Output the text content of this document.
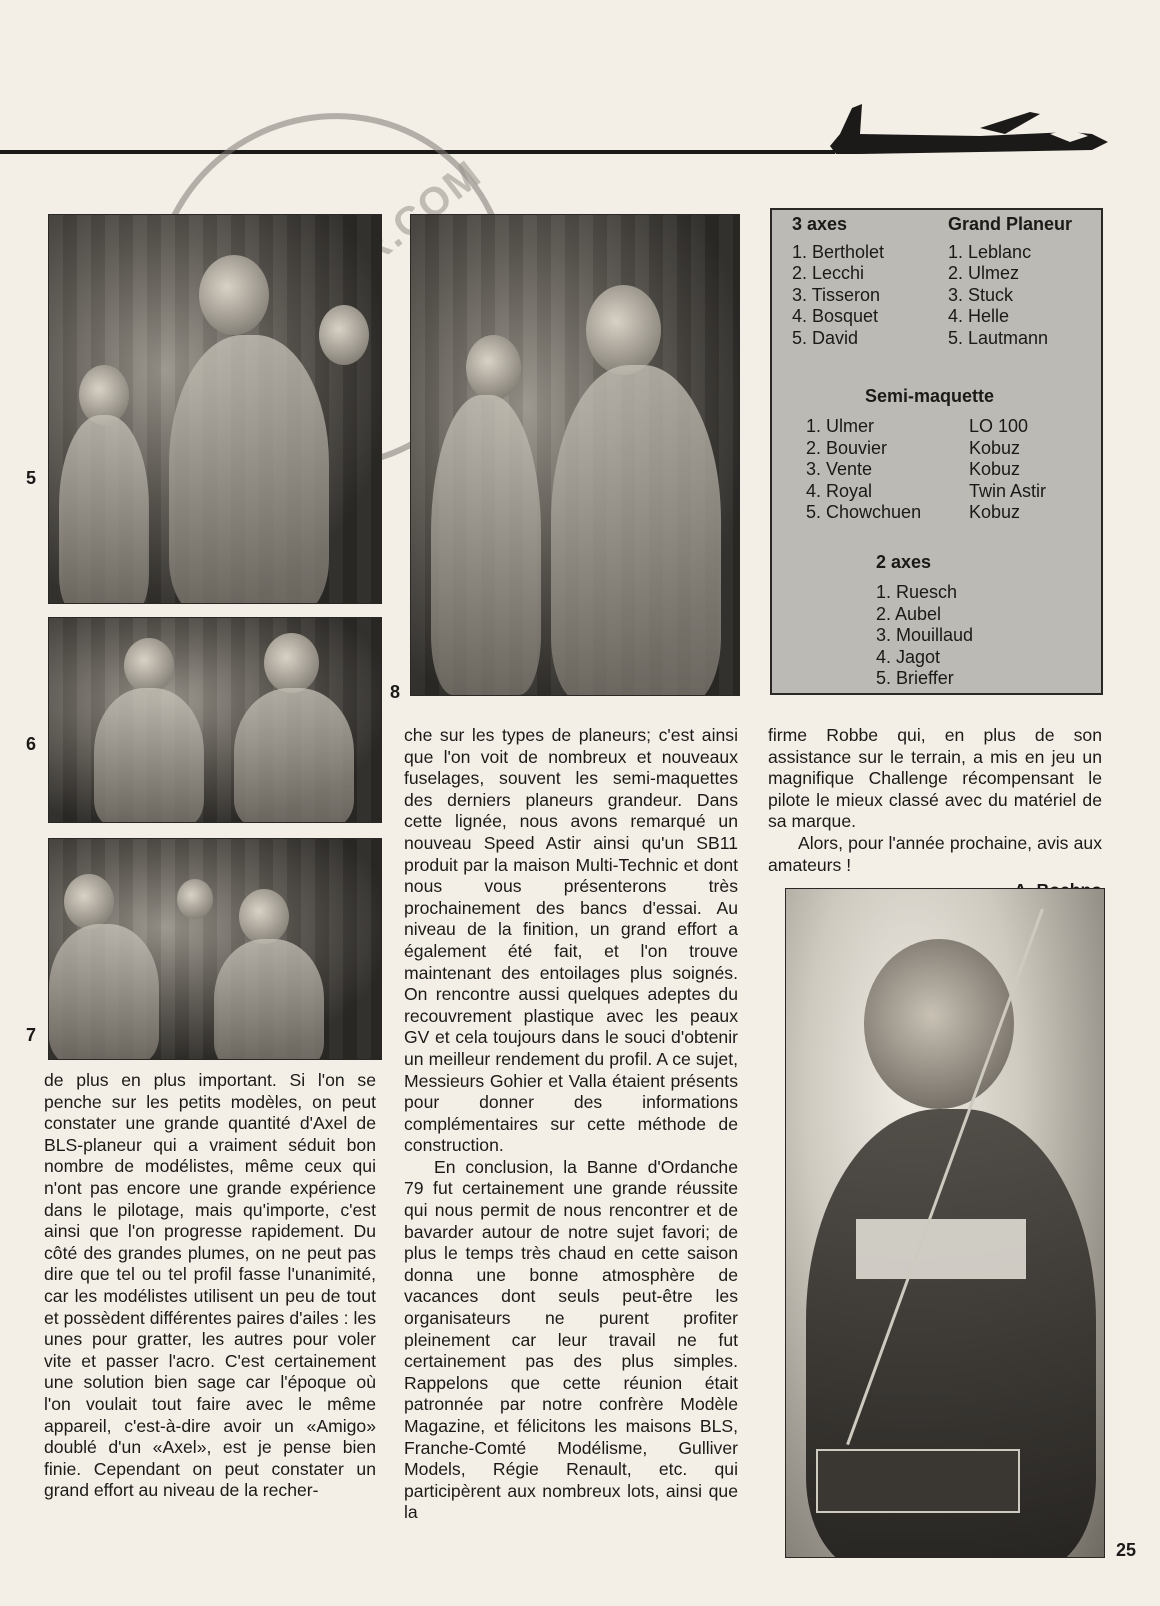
5
6
7
8
3 axes
1. Bertholet
2. Lecchi
3. Tisseron
4. Bosquet
5. David
Grand Planeur
1. Leblanc
2. Ulmez
3. Stuck
4. Helle
5. Lautmann
Semi-maquette
1. Ulmer
2. Bouvier
3. Vente
4. Royal
5. Chowchuen
LO 100
Kobuz
Kobuz
Twin Astir
Kobuz
2 axes
1. Ruesch
2. Aubel
3. Mouillaud
4. Jagot
5. Brieffer

de plus en plus important. Si l'on se penche sur les petits modèles, on peut constater une grande quantité d'Axel de BLS-planeur qui a vraiment séduit bon nombre de modélistes, même ceux qui n'ont pas encore une grande expérience dans le pilotage, mais qu'importe, c'est ainsi que l'on progresse rapidement. Du côté des grandes plumes, on ne peut pas dire que tel ou tel profil fasse l'unanimité, car les modélistes utilisent un peu de tout et possèdent différentes paires d'ailes : les unes pour gratter, les autres pour voler vite et passer l'acro. C'est certainement une solution bien sage car l'époque où l'on voulait tout faire avec le même appareil, c'est-à-dire avoir un «Amigo» doublé d'un «Axel», est je pense bien finie. Cependant on peut constater un grand effort au niveau de la recher-

che sur les types de planeurs; c'est ainsi que l'on voit de nombreux et nouveaux fuselages, souvent les semi-maquettes des derniers planeurs grandeur. Dans cette lignée, nous avons remarqué un nouveau Speed Astir ainsi qu'un SB11 produit par la maison Multi-Technic et dont nous vous présenterons très prochainement des bancs d'essai. Au niveau de la finition, un grand effort a également été fait, et l'on trouve maintenant des entoilages plus soignés. On rencontre aussi quelques adeptes du recouvrement plastique avec les peaux GV et cela toujours dans le souci d'obtenir un meilleur rendement du profil. A ce sujet, Messieurs Gohier et Valla étaient présents pour donner des informations complémentaires sur cette méthode de construction.

En conclusion, la Banne d'Ordanche 79 fut certainement une grande réussite qui nous permit de nous rencontrer et de bavarder autour de notre sujet favori; de plus le temps très chaud en cette saison donna une bonne atmosphère de vacances dont seuls peut-être les organisateurs ne purent profiter pleinement car leur travail ne fut certainement pas des plus simples. Rappelons que cette réunion était patronnée par notre confrère Modèle Magazine, et félicitons les maisons BLS, Franche-Comté Modélisme, Gulliver Models, Régie Renault, etc. qui participèrent aux nombreux lots, ainsi que la

firme Robbe qui, en plus de son assistance sur le terrain, a mis en jeu un magnifique Challenge récompensant le pilote le mieux classé avec du matériel de sa marque.

Alors, pour l'année prochaine, avis aux amateurs !

25
